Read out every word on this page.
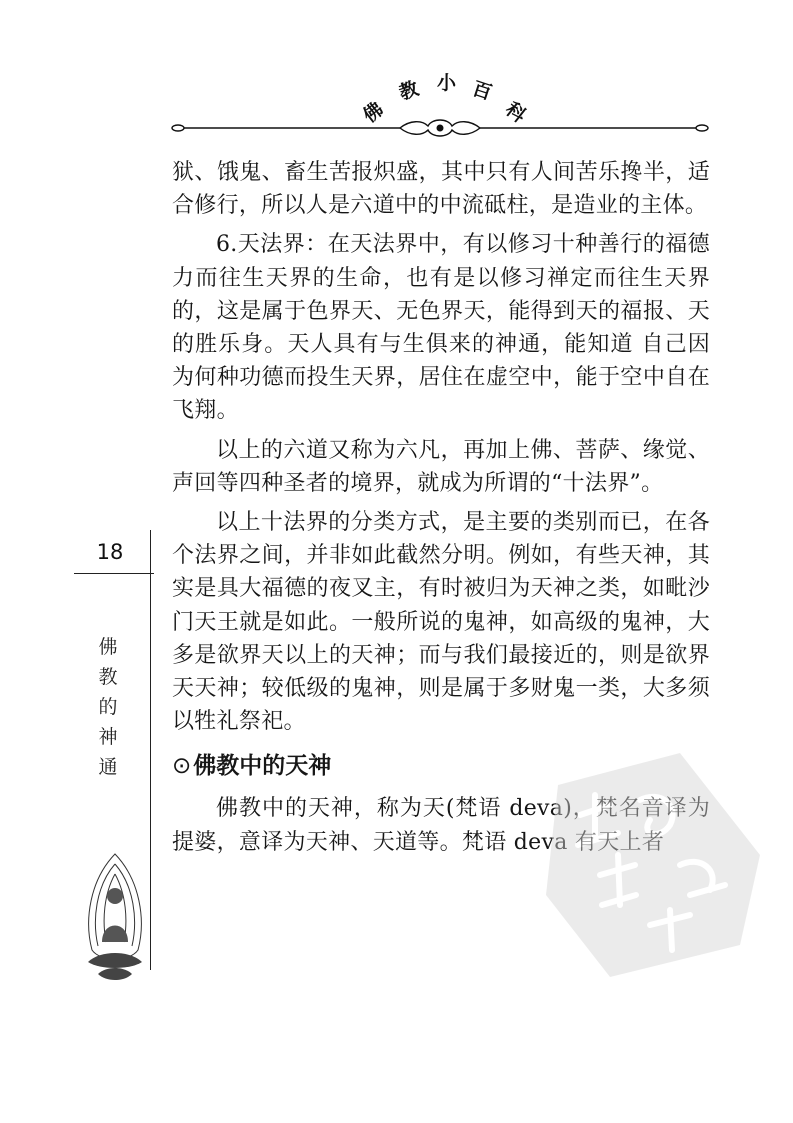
佛
教 小 百
科

狱、饿鬼、畜生苦报炽盛，其中只有人间苦乐搀半，适合修行，所以人是六道中的中流砥柱，是造业的主体。

6.天法界：在天法界中，有以修习十种善行的福德力而往生天界的生命，也有是以修习禅定而往生天界的，这是属于色界天、无色界天，能得到天的福报、天的胜乐身。天人具有与生俱来的神通，能知道 自己因为何种功德而投生天界，居住在虚空中，能于空中自在飞翔。

以上的六道又称为六凡，再加上佛、菩萨、缘觉、声回等四种圣者的境界，就成为所谓的“十法界”。

以上十法界的分类方式，是主要的类别而已，在各个法界之间，并非如此截然分明。例如，有些天神，其实是具大福德的夜叉主，有时被归为天神之类，如毗沙门天王就是如此。一般所说的鬼神，如高级的鬼神，大多是欲界天以上的天神；而与我们最接近的，则是欲界天天神；较低级的鬼神，则是属于多财鬼一类，大多须以牲礼祭祀。

⊙佛教中的天神

佛教中的天神，称为天(梵语 deva)，梵名音译为提婆，意译为天神、天道等。梵语 deva 有天上者

18
佛
教
的
神
通
